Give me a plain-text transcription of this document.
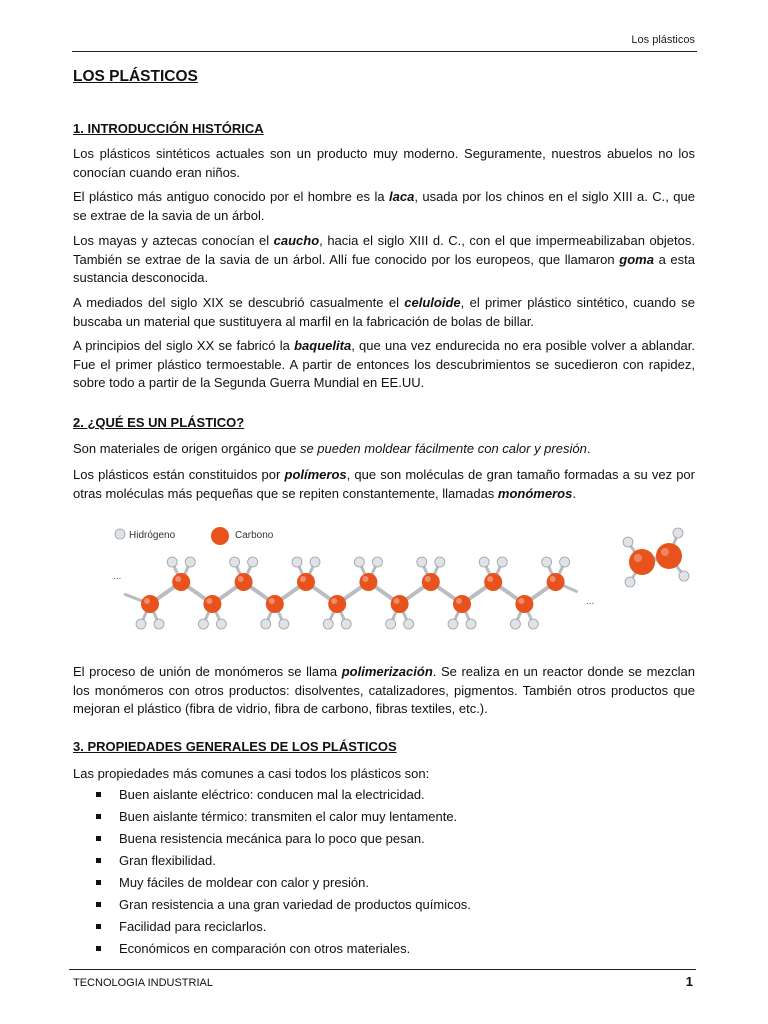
Los plásticos
LOS PLÁSTICOS
1. INTRODUCCIÓN HISTÓRICA

Los plásticos sintéticos actuales son un producto muy moderno. Seguramente, nuestros abuelos no los conocían cuando eran niños.

El plástico más antiguo conocido por el hombre es la laca, usada por los chinos en el siglo XIII a. C., que se extrae de la savia de un árbol.

Los mayas y aztecas conocían el caucho, hacia el siglo XIII d. C., con el que impermeabilizaban objetos. También se extrae de la savia de un árbol. Allí fue conocido por los europeos, que llamaron goma a esta sustancia desconocida.

A mediados del siglo XIX se descubrió casualmente el celuloide, el primer plástico sintético, cuando se buscaba un material que sustituyera al marfil en la fabricación de bolas de billar.

A principios del siglo XX se fabricó la baquelita, que una vez endurecida no era posible volver a ablandar. Fue el primer plástico termoestable. A partir de entonces los descubrimientos se sucedieron con rapidez, sobre todo a partir de la Segunda Guerra Mundial en EE.UU.

2. ¿QUÉ ES UN PLÁSTICO?

Son materiales de origen orgánico que se pueden moldear fácilmente con calor y presión.

Los plásticos están constituidos por polímeros, que son moléculas de gran tamaño formadas a su vez por otras moléculas más pequeñas que se repiten constantemente, llamadas monómeros.

El proceso de unión de monómeros se llama polimerización. Se realiza en un reactor donde se mezclan los monómeros con otros productos: disolventes, catalizadores, pigmentos. También otros productos que mejoran el plástico (fibra de vidrio, fibra de carbono, fibras textiles, etc.).

3. PROPIEDADES GENERALES DE LOS PLÁSTICOS

Las propiedades más comunes a casi todos los plásticos son:

Buen aislante eléctrico: conducen mal la electricidad.
Buen aislante térmico: transmiten el calor muy lentamente.
Buena resistencia mecánica para lo poco que pesan.
Gran flexibilidad.
Muy fáciles de moldear con calor y presión.
Gran resistencia a una gran variedad de productos químicos.
Facilidad para reciclarlos.
Económicos en comparación con otros materiales.
Hidrógeno	Carbono
...
...
TECNOLOGIA INDUSTRIAL	1
